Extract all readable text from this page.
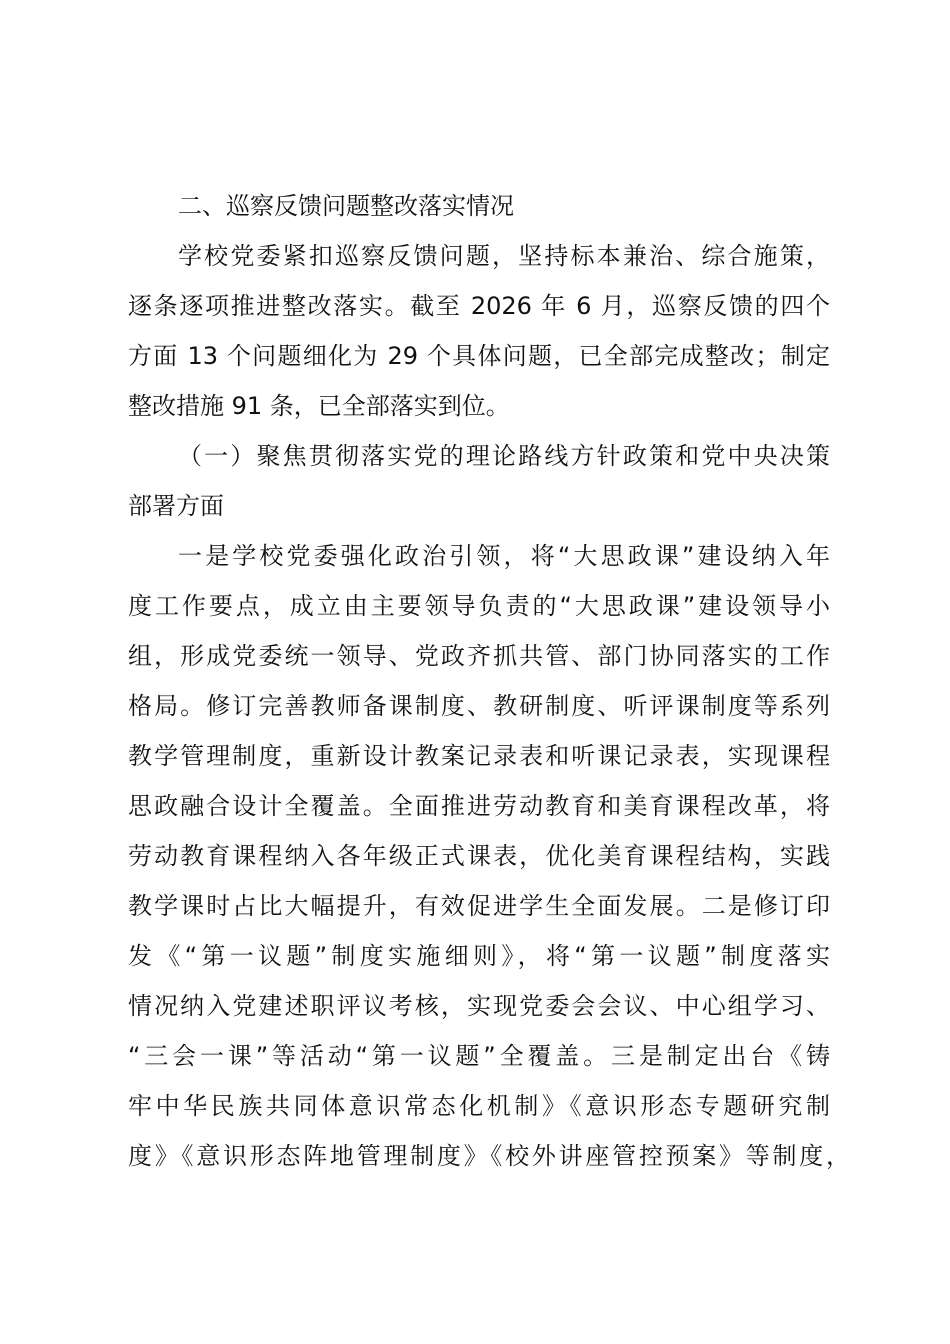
二、巡察反馈问题整改落实情况
学校党委紧扣巡察反馈问题，坚持标本兼治、综合施策，
逐条逐项推进整改落实。截至 2026 年 6 月，巡察反馈的四个
方面 13 个问题细化为 29 个具体问题，已全部完成整改；制定
整改措施 91 条，已全部落实到位。
（一）聚焦贯彻落实党的理论路线方针政策和党中央决策
部署方面
一是学校党委强化政治引领，将“大思政课”建设纳入年
度工作要点，成立由主要领导负责的“大思政课”建设领导小
组，形成党委统一领导、党政齐抓共管、部门协同落实的工作
格局。修订完善教师备课制度、教研制度、听评课制度等系列
教学管理制度，重新设计教案记录表和听课记录表，实现课程
思政融合设计全覆盖。全面推进劳动教育和美育课程改革，将
劳动教育课程纳入各年级正式课表，优化美育课程结构，实践
教学课时占比大幅提升，有效促进学生全面发展。二是修订印
发《“第一议题”制度实施细则》，将“第一议题”制度落实
情况纳入党建述职评议考核，实现党委会会议、中心组学习、
“三会一课”等活动“第一议题”全覆盖。三是制定出台《铸
牢中华民族共同体意识常态化机制》《意识形态专题研究制
度》《意识形态阵地管理制度》《校外讲座管控预案》等制度，
